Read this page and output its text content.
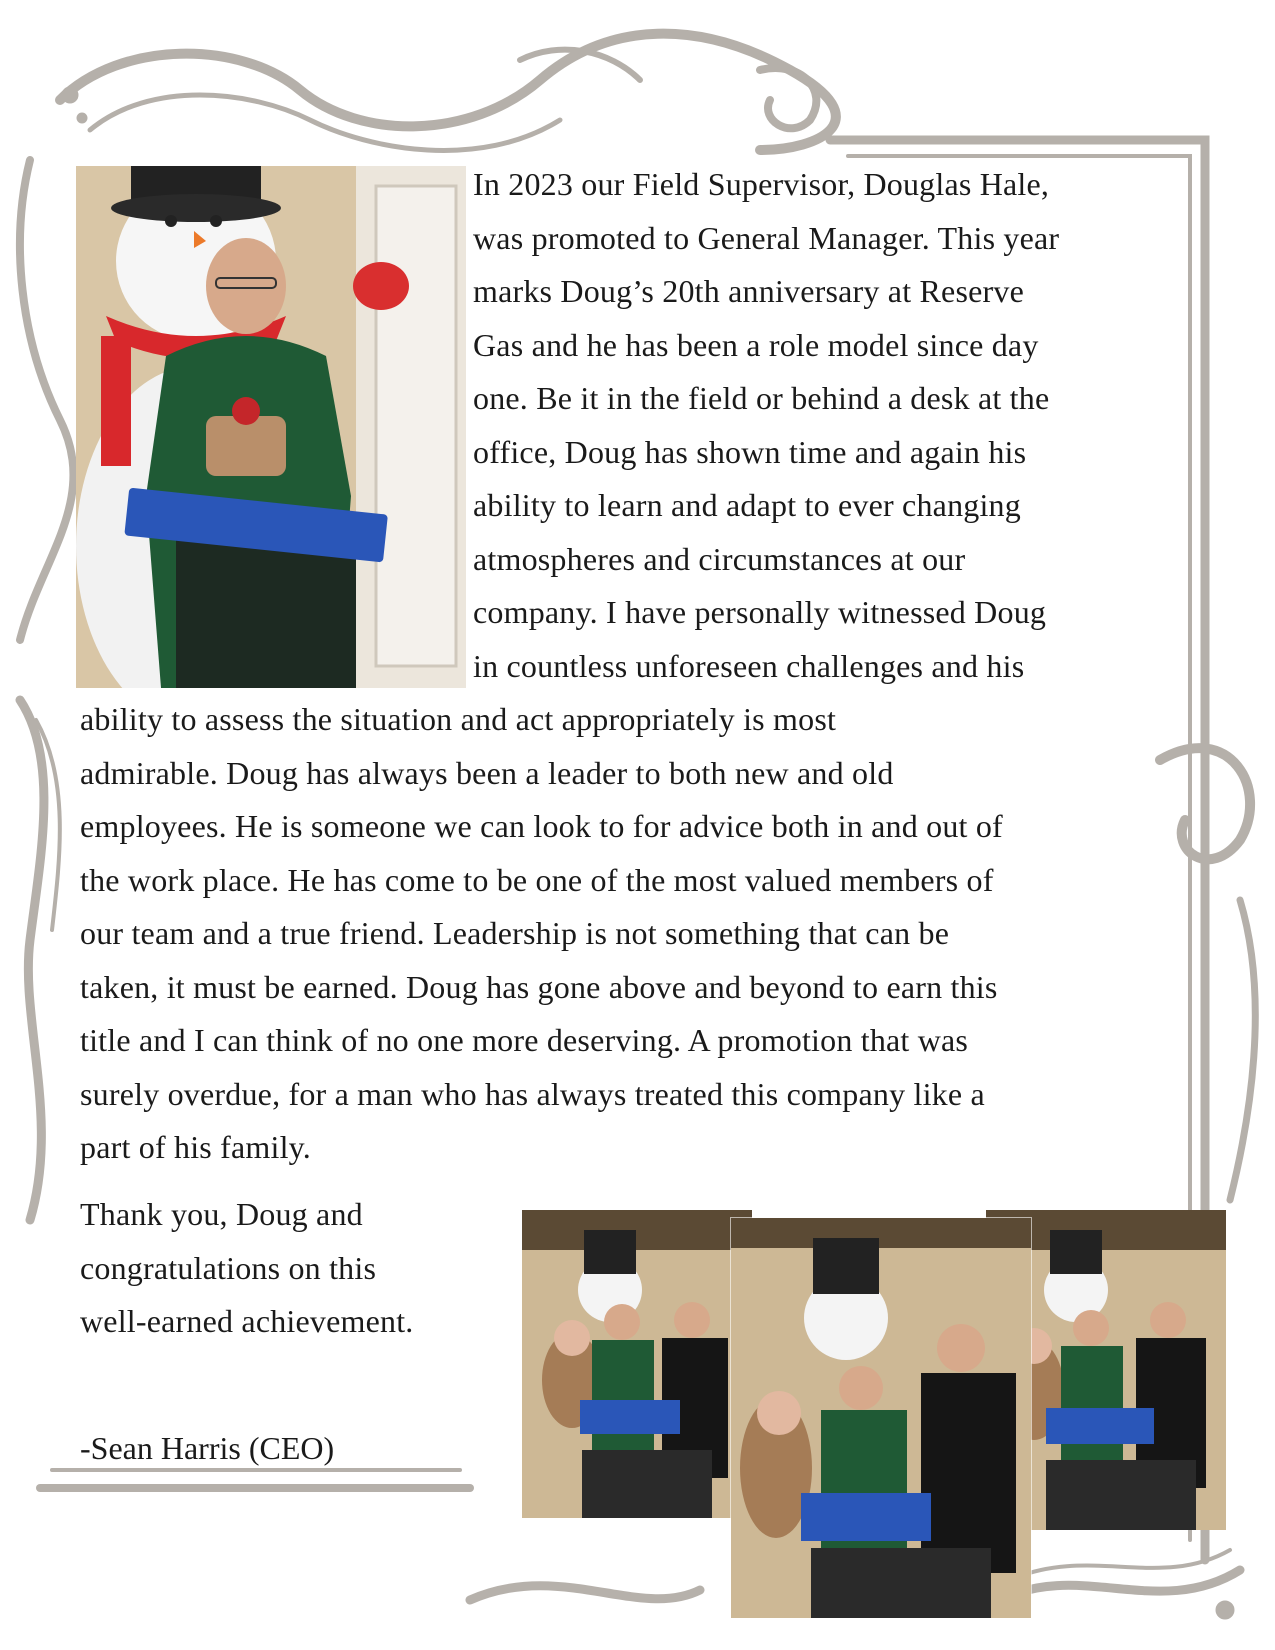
In 2023 our Field Supervisor, Douglas Hale,
was promoted to General Manager. This year
marks Doug’s 20th anniversary at Reserve
Gas and he has been a role model since day
one. Be it in the field or behind a desk at the
office, Doug has shown time and again his
ability to learn and adapt to ever changing
atmospheres and circumstances at our
company. I have personally witnessed Doug
in countless unforeseen challenges and his
ability to assess the situation and act appropriately is most
admirable. Doug has always been a leader to both new and old
employees. He is someone we can look to for advice both in and out of
the work place. He has come to be one of the most valued members of
our team and a true friend. Leadership is not something that can be
taken, it must be earned. Doug has gone above and beyond to earn this
title and I can think of no one more deserving. A promotion that was
surely overdue, for a man who has always treated this company like a
part of his family.
Thank you, Doug and
congratulations on this
well-earned achievement.
-Sean Harris (CEO)
